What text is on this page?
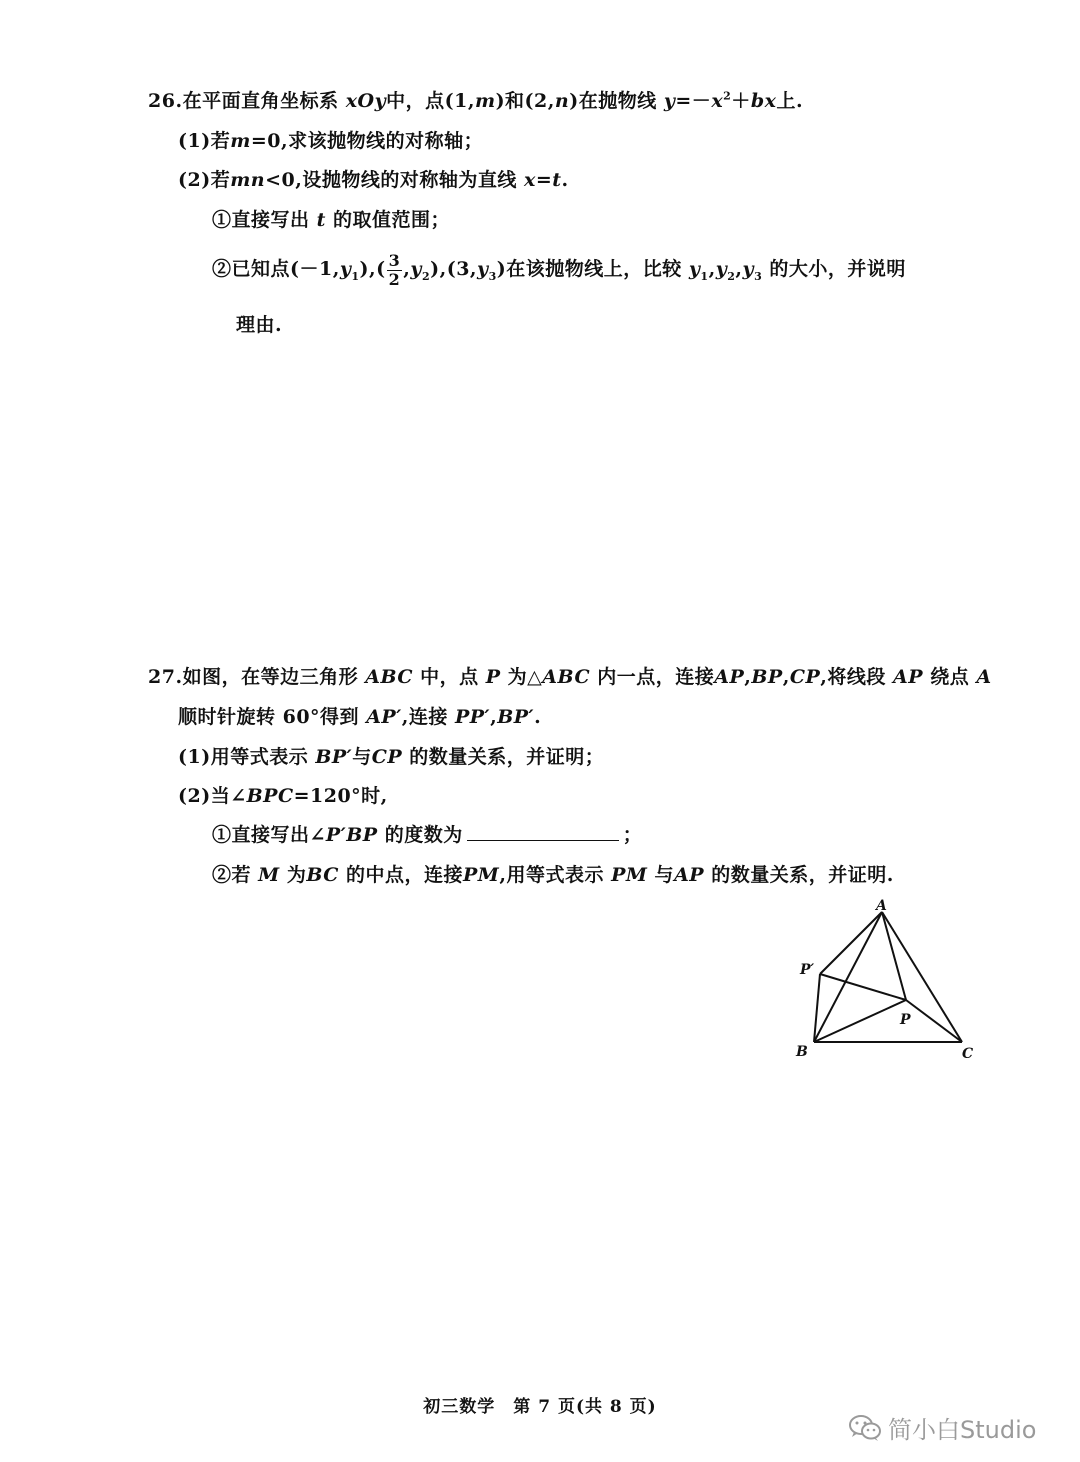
26.在平面直角坐标系 xOy中，点(1,m)和(2,n)在抛物线 $y=-x^2+bx$上.
(1)若m=0,求该抛物线的对称轴；
(2)若mn<0,设抛物线的对称轴为直线 x=t.
①直接写出 t 的取值范围；
②已知点$(-1,y_1),( \frac{3}{2} ,y_2),(3,y_3)$在该抛物线上，比较 $y_1,y_2,y_3$ 的大小，并说明
理由.
27.如图，在等边三角形 ABC 中，点 P 为△ABC 内一点，连接AP,BP,CP,将线段 AP 绕点 A
顺时针旋转 60°得到 AP′,连接 PP′,BP′.
(1)用等式表示 BP′与CP 的数量关系，并证明；
(2)当∠BPC=120°时,
①直接写出∠P′BP 的度数为	；
②若 M 为BC 的中点，连接PM,用等式表示 PM 与AP 的数量关系，并证明.
A
P′
P
B	C
初三数学　第 7 页(共 8 页)
简小白Studio
